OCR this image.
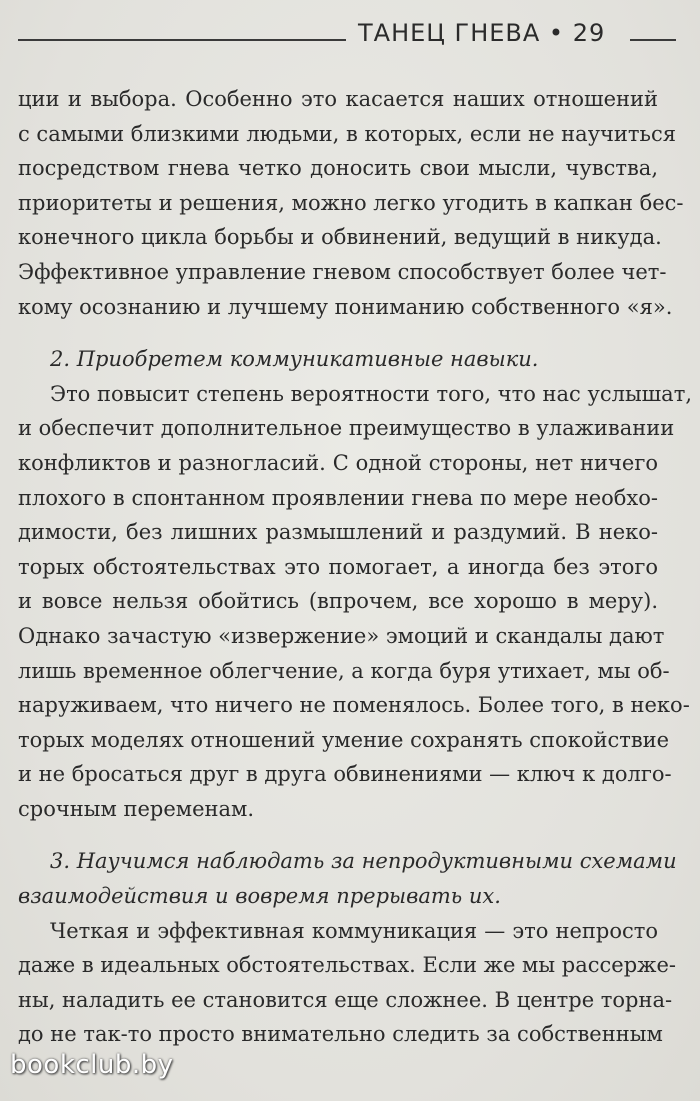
ТАНЕЦ ГНЕВА • 29
ции и выбора. Особенно это касается наших отношений
с самыми близкими людьми, в которых, если не научиться
посредством гнева четко доносить свои мысли, чувства,
приоритеты и решения, можно легко угодить в капкан бес-
конечного цикла борьбы и обвинений, ведущий в никуда.
Эффективное управление гневом способствует более чет-
кому осознанию и лучшему пониманию собственного «я».
2. Приобретем коммуникативные навыки.
Это повысит степень вероятности того, что нас услышат,
и обеспечит дополнительное преимущество в улаживании
конфликтов и разногласий. С одной стороны, нет ничего
плохого в спонтанном проявлении гнева по мере необхо-
димости, без лишних размышлений и раздумий. В неко-
торых обстоятельствах это помогает, а иногда без этого
и вовсе нельзя обойтись (впрочем, все хорошо в меру).
Однако зачастую «извержение» эмоций и скандалы дают
лишь временное облегчение, а когда буря утихает, мы об-
наруживаем, что ничего не поменялось. Более того, в неко-
торых моделях отношений умение сохранять спокойствие
и не бросаться друг в друга обвинениями — ключ к долго-
срочным переменам.
3. Научимся наблюдать за непродуктивными схемами
взаимодействия и вовремя прерывать их.
Четкая и эффективная коммуникация — это непросто
даже в идеальных обстоятельствах. Если же мы рассержe-
ны, наладить ее становится еще сложнее. В центре торна-
до не так-то просто внимательно следить за собственным
bookclub.by
